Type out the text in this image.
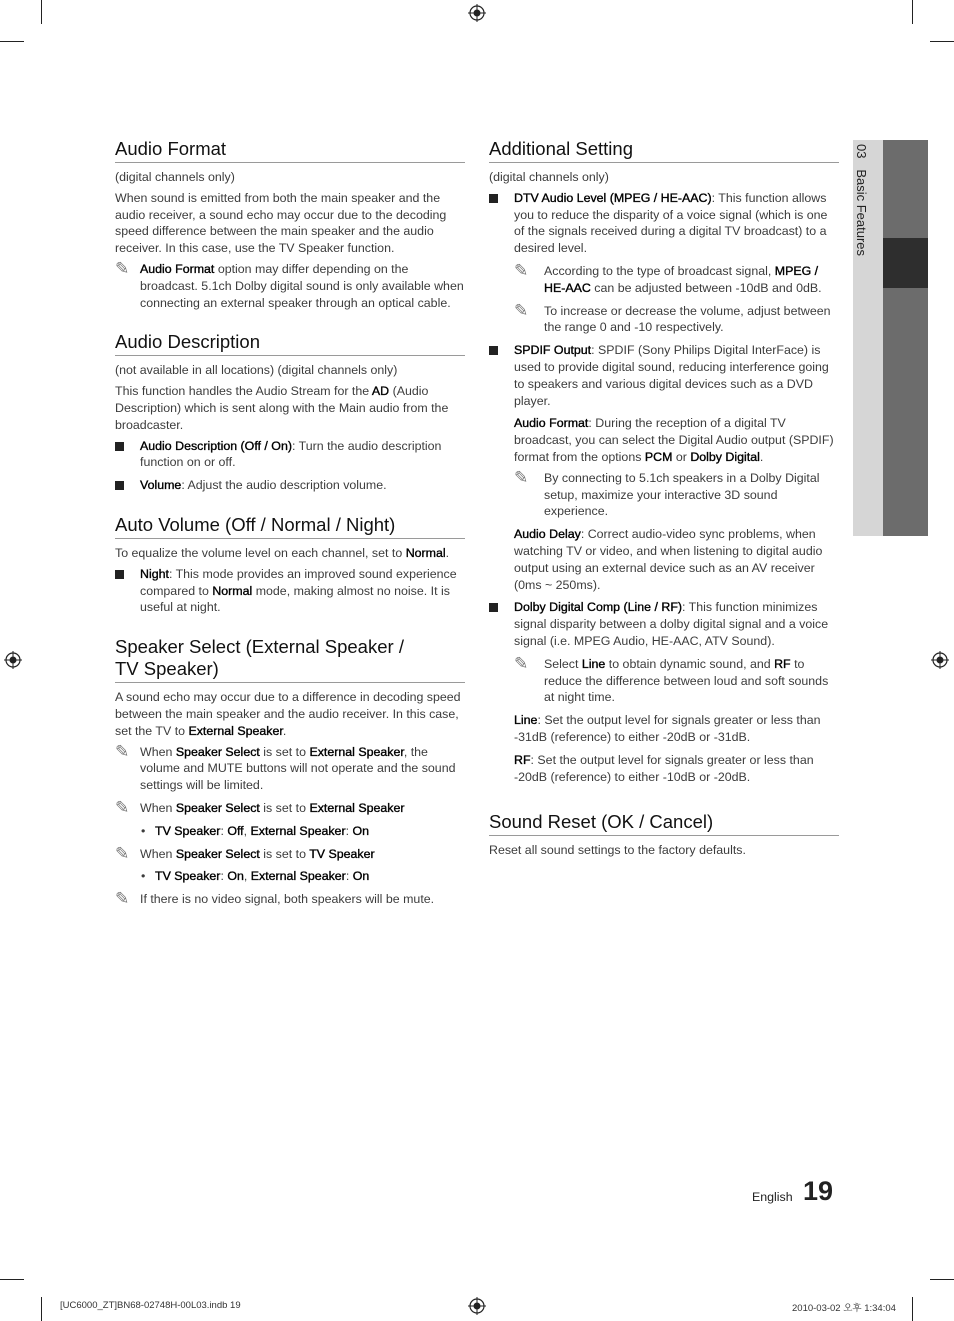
03   Basic Features
Audio Format

(digital channels only)

When sound is emitted from both the main speaker and the audio receiver, a sound echo may occur due to the decoding speed difference between the main speaker and the audio receiver. In this case, use the TV Speaker function.

✎ Audio Format option may differ depending on the broadcast. 5.1ch Dolby digital sound is only available when connecting an external speaker through an optical cable.
Audio Description

(not available in all locations) (digital channels only)

This function handles the Audio Stream for the AD (Audio Description) which is sent along with the Main audio from the broadcaster.

Audio Description (Off / On): Turn the audio description function on or off.
Volume: Adjust the audio description volume.
Auto Volume (Off / Normal / Night)

To equalize the volume level on each channel, set to Normal.

Night: This mode provides an improved sound experience compared to Normal mode, making almost no noise. It is useful at night.
Speaker Select (External Speaker /
TV Speaker)

A sound echo may occur due to a difference in decoding speed between the main speaker and the audio receiver. In this case, set the TV to External Speaker.

✎ When Speaker Select is set to External Speaker, the volume and MUTE buttons will not operate and the sound settings will be limited.
✎ When Speaker Select is set to External Speaker
• TV Speaker: Off, External Speaker: On
✎ When Speaker Select is set to TV Speaker
• TV Speaker: On, External Speaker: On
✎ If there is no video signal, both speakers will be mute.
Additional Setting

(digital channels only)

DTV Audio Level (MPEG / HE-AAC): This function allows you to reduce the disparity of a voice signal (which is one of the signals received during a digital TV broadcast) to a desired level.
✎ According to the type of broadcast signal, MPEG / HE-AAC can be adjusted between -10dB and 0dB.
✎ To increase or decrease the volume, adjust between the range 0 and -10 respectively.
SPDIF Output: SPDIF (Sony Philips Digital InterFace) is used to provide digital sound, reducing interference going to speakers and various digital devices such as a DVD player.

Audio Format: During the reception of a digital TV broadcast, you can select the Digital Audio output (SPDIF) format from the options PCM or Dolby Digital.

✎ By connecting to 5.1ch speakers in a Dolby Digital setup, maximize your interactive 3D sound experience.

Audio Delay: Correct audio-video sync problems, when watching TV or video, and when listening to digital audio output using an external device such as an AV receiver (0ms ~ 250ms).

Dolby Digital Comp (Line / RF): This function minimizes signal disparity between a dolby digital signal and a voice signal (i.e. MPEG Audio, HE-AAC, ATV Sound).
✎ Select Line to obtain dynamic sound, and RF to reduce the difference between loud and soft sounds at night time.

Line: Set the output level for signals greater or less than -31dB (reference) to either -20dB or -31dB.

RF: Set the output level for signals greater or less than -20dB (reference) to either -10dB or -20dB.

Sound Reset (OK / Cancel)

Reset all sound settings to the factory defaults.

English 19
[UC6000_ZT]BN68-02748H-00L03.indb 19	2010-03-02 오후 1:34:04
